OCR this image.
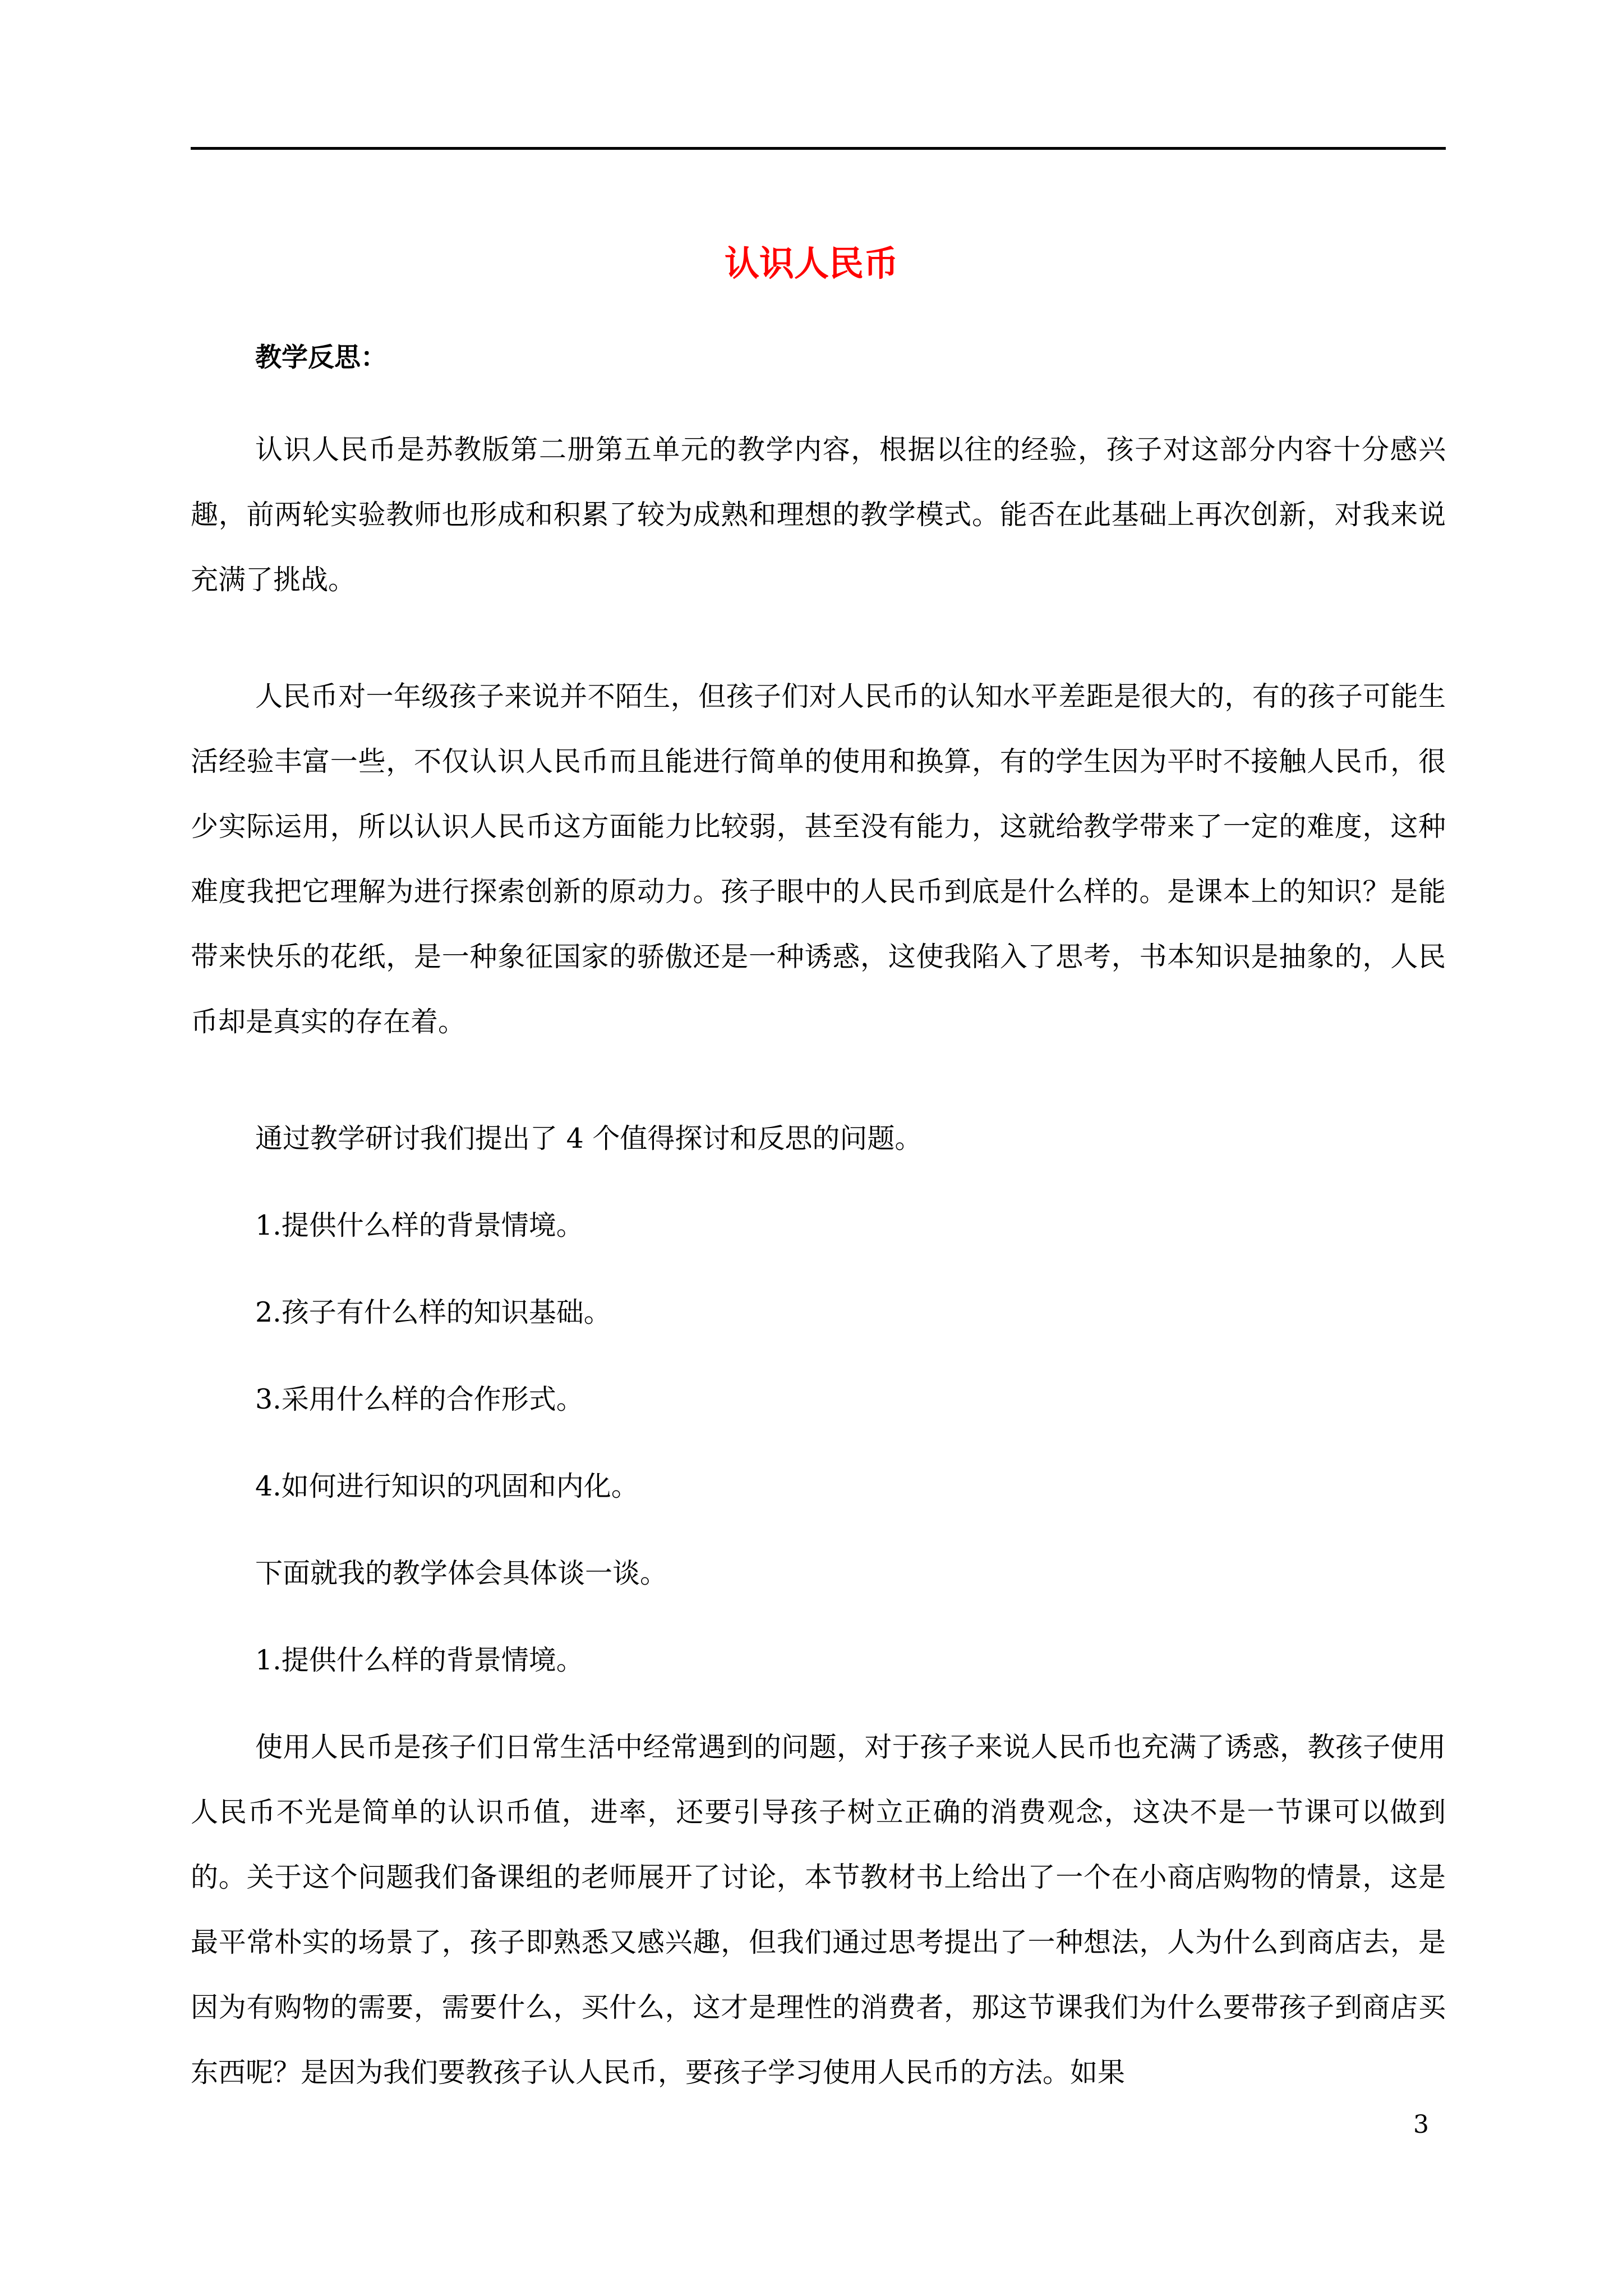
认识人民币
教学反思：

认识人民币是苏教版第二册第五单元的教学内容，根据以往的经验，孩子对这部分内容十分感兴趣，前两轮实验教师也形成和积累了较为成熟和理想的教学模式。能否在此基础上再次创新，对我来说充满了挑战。

人民币对一年级孩子来说并不陌生，但孩子们对人民币的认知水平差距是很大的，有的孩子可能生活经验丰富一些，不仅认识人民币而且能进行简单的使用和换算，有的学生因为平时不接触人民币，很少实际运用，所以认识人民币这方面能力比较弱，甚至没有能力，这就给教学带来了一定的难度，这种难度我把它理解为进行探索创新的原动力。孩子眼中的人民币到底是什么样的。是课本上的知识？是能带来快乐的花纸，是一种象征国家的骄傲还是一种诱惑，这使我陷入了思考，书本知识是抽象的，人民币却是真实的存在着。

通过教学研讨我们提出了 4 个值得探讨和反思的问题。

1.提供什么样的背景情境。

2.孩子有什么样的知识基础。

3.采用什么样的合作形式。

4.如何进行知识的巩固和内化。

下面就我的教学体会具体谈一谈。

1.提供什么样的背景情境。

使用人民币是孩子们日常生活中经常遇到的问题，对于孩子来说人民币也充满了诱惑，教孩子使用人民币不光是简单的认识币值，进率，还要引导孩子树立正确的消费观念，这决不是一节课可以做到的。关于这个问题我们备课组的老师展开了讨论，本节教材书上给出了一个在小商店购物的情景，这是最平常朴实的场景了，孩子即熟悉又感兴趣，但我们通过思考提出了一种想法，人为什么到商店去，是因为有购物的需要，需要什么，买什么，这才是理性的消费者，那这节课我们为什么要带孩子到商店买东西呢？是因为我们要教孩子认人民币，要孩子学习使用人民币的方法。如果

3
